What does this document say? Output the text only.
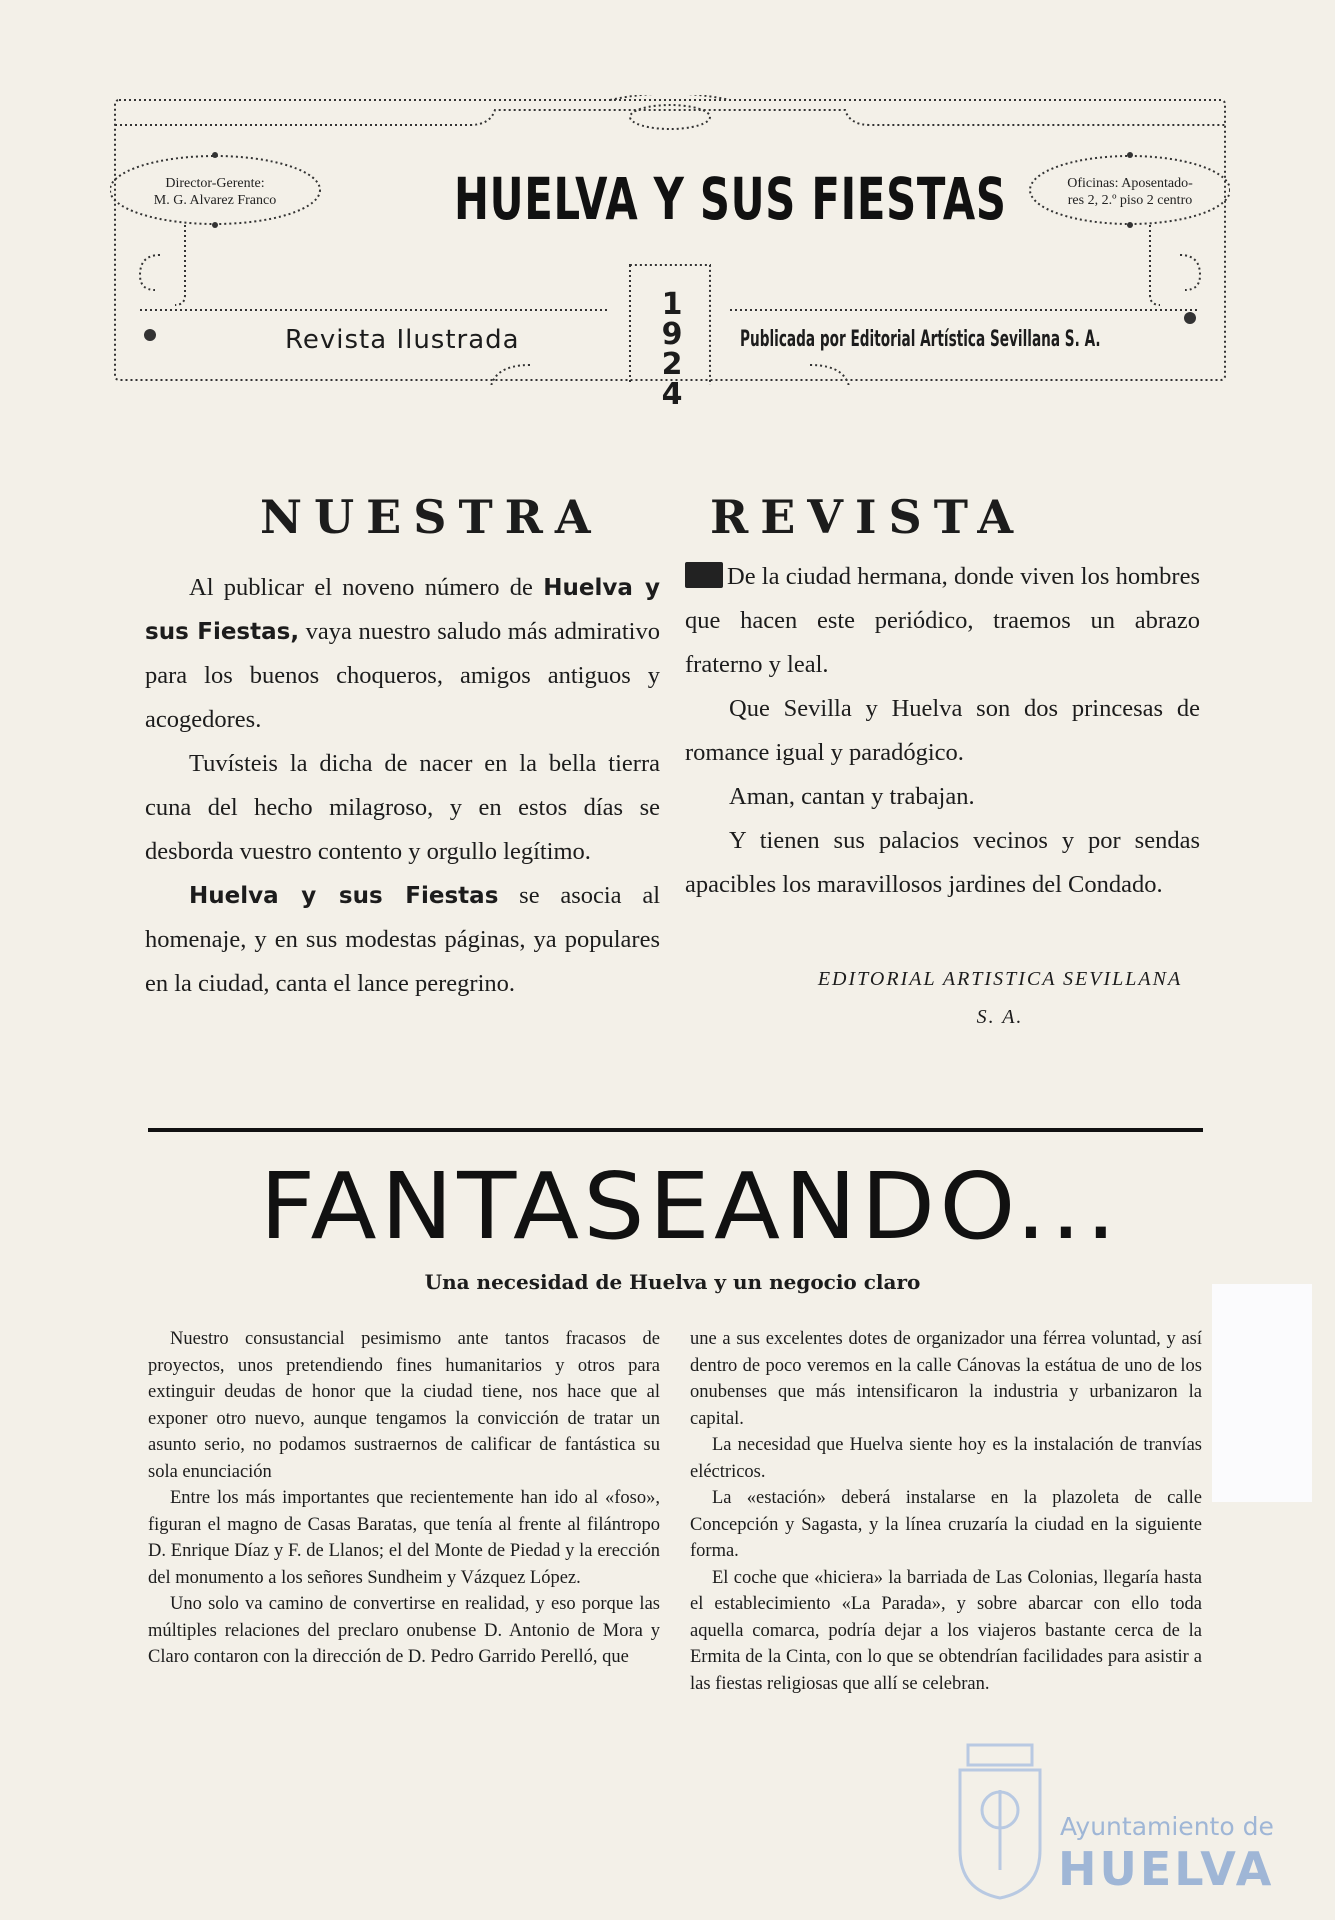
Director-Gerente:
M. G. Alvarez Franco	HUELVA Y SUS FIESTAS	Oficinas: Aposentado-
res 2, 2.º piso 2 centro
Revista Ilustrada
1
9
2
4
Publicada por Editorial Artística Sevillana S. A.
NUESTRA REVISTA

Al publicar el noveno número de Huelva y sus Fiestas, vaya nuestro saludo más admirativo para los buenos choqueros, amigos antiguos y acogedores.

Tuvísteis la dicha de nacer en la bella tierra cuna del hecho milagroso, y en estos días se desborda vuestro contento y orgullo legítimo.

Huelva y sus Fiestas se asocia al homenaje, y en sus modestas páginas, ya populares en la ciudad, canta el lance peregrino.

De la ciudad hermana, donde viven los hombres que hacen este periódico, traemos un abrazo fraterno y leal.

Que Sevilla y Huelva son dos princesas de romance igual y paradógico.

Aman, cantan y trabajan.

Y tienen sus palacios vecinos y por sendas apacibles los maravillosos jardines del Condado.

EDITORIAL ARTISTICA SEVILLANA
S. A.
FANTASEANDO...
Una necesidad de Huelva y un negocio claro

Nuestro consustancial pesimismo ante tantos fracasos de proyectos, unos pretendiendo fines humanitarios y otros para extinguir deudas de honor que la ciudad tiene, nos hace que al exponer otro nuevo, aunque tengamos la convicción de tratar un asunto serio, no podamos sustraernos de calificar de fantástica su sola enunciación

Entre los más importantes que recientemente han ido al «foso», figuran el magno de Casas Baratas, que tenía al frente al filántropo D. Enrique Díaz y F. de Llanos; el del Monte de Piedad y la erección del monumento a los señores Sundheim y Vázquez López.

Uno solo va camino de convertirse en realidad, y eso porque las múltiples relaciones del preclaro onubense D. Antonio de Mora y Claro contaron con la dirección de D. Pedro Garrido Perelló, que

une a sus excelentes dotes de organizador una férrea voluntad, y así dentro de poco veremos en la calle Cánovas la estátua de uno de los onubenses que más intensificaron la industria y urbanizaron la capital.

La necesidad que Huelva siente hoy es la instalación de tranvías eléctricos.

La «estación» deberá instalarse en la plazoleta de calle Concepción y Sagasta, y la línea cruzaría la ciudad en la siguiente forma.

El coche que «hiciera» la barriada de Las Colonias, llegaría hasta el establecimiento «La Parada», y sobre abarcar con ello toda aquella comarca, podría dejar a los viajeros bastante cerca de la Ermita de la Cinta, con lo que se obtendrían facilidades para asistir a las fiestas religiosas que allí se celebran.

Ayuntamiento de
HUELVA
